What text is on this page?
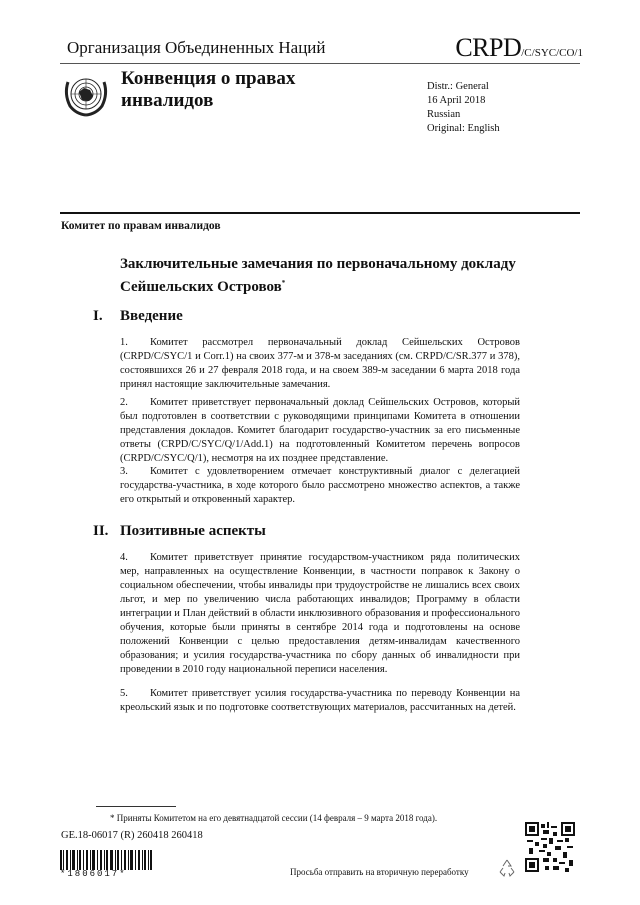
Организация Объединенных Наций	CRPD/C/SYC/CO/1
Конвенция о правах инвалидов
Distr.: General
16 April 2018
Russian
Original: English
Комитет по правам инвалидов
Заключительные замечания по первоначальному докладу Сейшельских Островов*
I. Введение
1. Комитет рассмотрел первоначальный доклад Сейшельских Островов (CRPD/C/SYC/1 и Corr.1) на своих 377-м и 378-м заседаниях (см. CRPD/C/SR.377 и 378), состоявшихся 26 и 27 февраля 2018 года, и на своем 389-м заседании 6 марта 2018 года принял настоящие заключительные замечания.
2. Комитет приветствует первоначальный доклад Сейшельских Островов, который был подготовлен в соответствии с руководящими принципами Комитета в отношении представления докладов. Комитет благодарит государство-участник за его письменные ответы (CRPD/C/SYC/Q/1/Add.1) на подготовленный Комитетом перечень вопросов (CRPD/C/SYC/Q/1), несмотря на их позднее представление.
3. Комитет с удовлетворением отмечает конструктивный диалог с делегацией государства-участника, в ходе которого было рассмотрено множество аспектов, а также его открытый и откровенный характер.
II. Позитивные аспекты
4. Комитет приветствует принятие государством-участником ряда политических мер, направленных на осуществление Конвенции, в частности поправок к Закону о социальном обеспечении, чтобы инвалиды при трудоустройстве не лишались всех своих льгот, и мер по увеличению числа работающих инвалидов; Программу в области интеграции и План действий в области инклюзивного образования и профессионального обучения, которые были приняты в сентябре 2014 года и подготовлены на основе положений Конвенции с целью предоставления детям-инвалидам качественного образования; и усилия государства-участника по сбору данных об инвалидности при проведении в 2010 году национальной переписи населения.
5. Комитет приветствует усилия государства-участника по переводу Конвенции на креольский язык и по подготовке соответствующих материалов, рассчитанных на детей.
* Приняты Комитетом на его девятнадцатой сессии (14 февраля – 9 марта 2018 года).
GE.18-06017 (R) 260418 260418
*1806017*	Просьба отправить на вторичную переработку
